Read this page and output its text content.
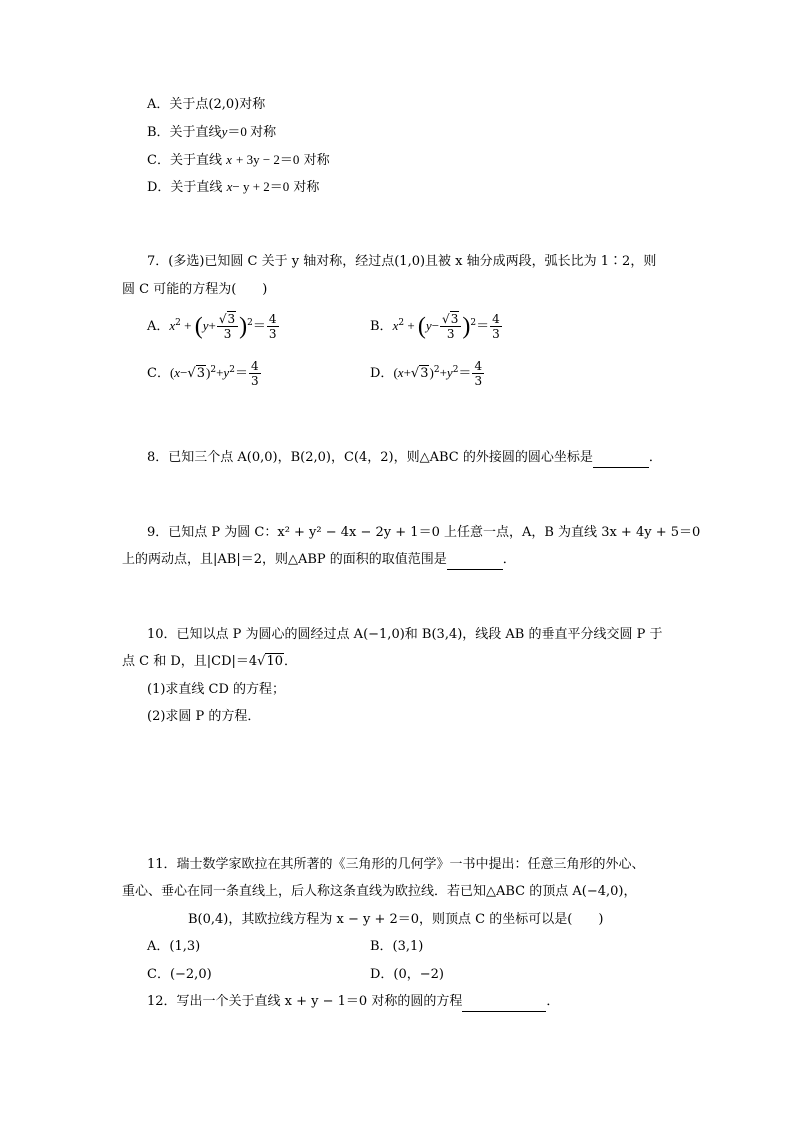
A．关于点(2,0)对称
B．关于直线y＝0 对称
C．关于直线 x + 3y − 2＝0 对称
D．关于直线 x− y + 2＝0 对称
7．(多选)已知圆 C 关于 y 轴对称，经过点(1,0)且被 x 轴分成两段，弧长比为 1∶2，则
圆 C 可能的方程为(　　)
A．$x^2 + (y+ \frac{√3}{3} )^2= \frac{4}{3}$	B．$x^2 + (y- \frac{√3}{3} )^2= \frac{4}{3}$
C．$(x-√3)^2+y^2= \frac{4}{3}$	D．$(x+√3)^2+y^2= \frac{4}{3}$
8．已知三个点 A(0,0)，B(2,0)，C(4，2)，则△ABC 的外接圆的圆心坐标是	．
9．已知点 P 为圆 C：x² + y² − 4x − 2y + 1＝0 上任意一点，A，B 为直线 3x + 4y + 5＝0
上的两动点，且|AB|＝2，则△ABP 的面积的取值范围是	．
10．已知以点 P 为圆心的圆经过点 A(−1,0)和 B(3,4)，线段 AB 的垂直平分线交圆 P 于
点 C 和 D，且|CD|＝4√10．
(1)求直线 CD 的方程；
(2)求圆 P 的方程．
11．瑞士数学家欧拉在其所著的《三角形的几何学》一书中提出：任意三角形的外心、
重心、垂心在同一条直线上，后人称这条直线为欧拉线．若已知△ABC 的顶点 A(−4,0)，
B(0,4)，其欧拉线方程为 x − y + 2＝0，则顶点 C 的坐标可以是(　　)
A．(1,3)	B．(3,1)
C．(−2,0)	D．(0，−2)
12．写出一个关于直线 x + y − 1＝0 对称的圆的方程	．
